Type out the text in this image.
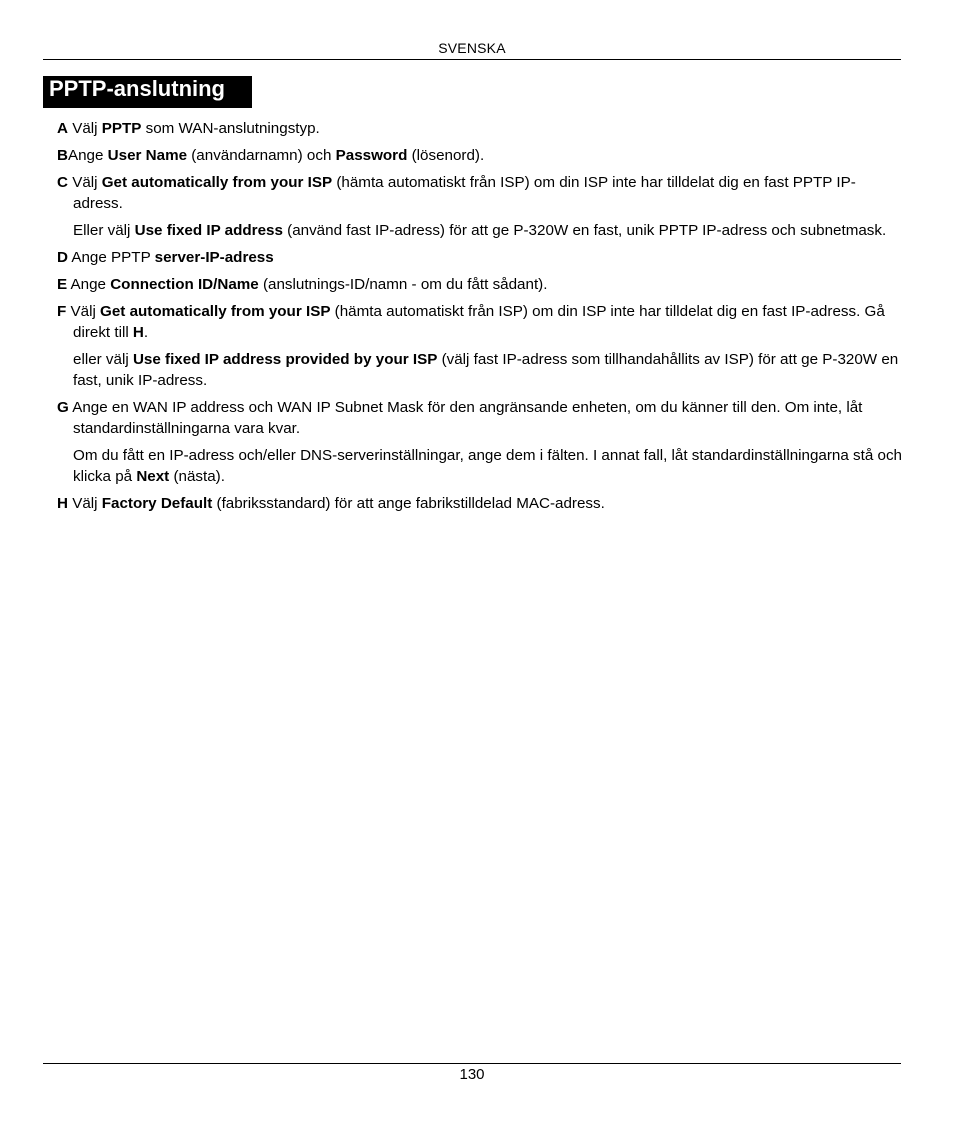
SVENSKA
PPTP-anslutning

A Välj PPTP som WAN-anslutningstyp.

BAnge User Name (användarnamn) och Password (lösenord).

C Välj Get automatically from your ISP (hämta automatiskt från ISP) om din ISP inte har tilldelat dig en fast PPTP IP-adress.

Eller välj Use fixed IP address (använd fast IP-adress) för att ge P-320W en fast, unik PPTP IP-adress och subnetmask.

D Ange PPTP server-IP-adress

E Ange Connection ID/Name (anslutnings-ID/namn - om du fått sådant).

F Välj Get automatically from your ISP (hämta automatiskt från ISP) om din ISP inte har tilldelat dig en fast IP-adress. Gå direkt till H.

eller välj Use fixed IP address provided by your ISP (välj fast IP-adress som tillhandahållits av ISP) för att ge P-320W en fast, unik IP-adress.

G Ange en WAN IP address och WAN IP Subnet Mask för den angränsande enheten, om du känner till den. Om inte, låt standardinställningarna vara kvar.

Om du fått en IP-adress och/eller DNS-serverinställningar, ange dem i fälten. I annat fall, låt standardinställningarna stå och klicka på Next (nästa).

H Välj Factory Default (fabriksstandard) för att ange fabrikstilldelad MAC-adress.

130
